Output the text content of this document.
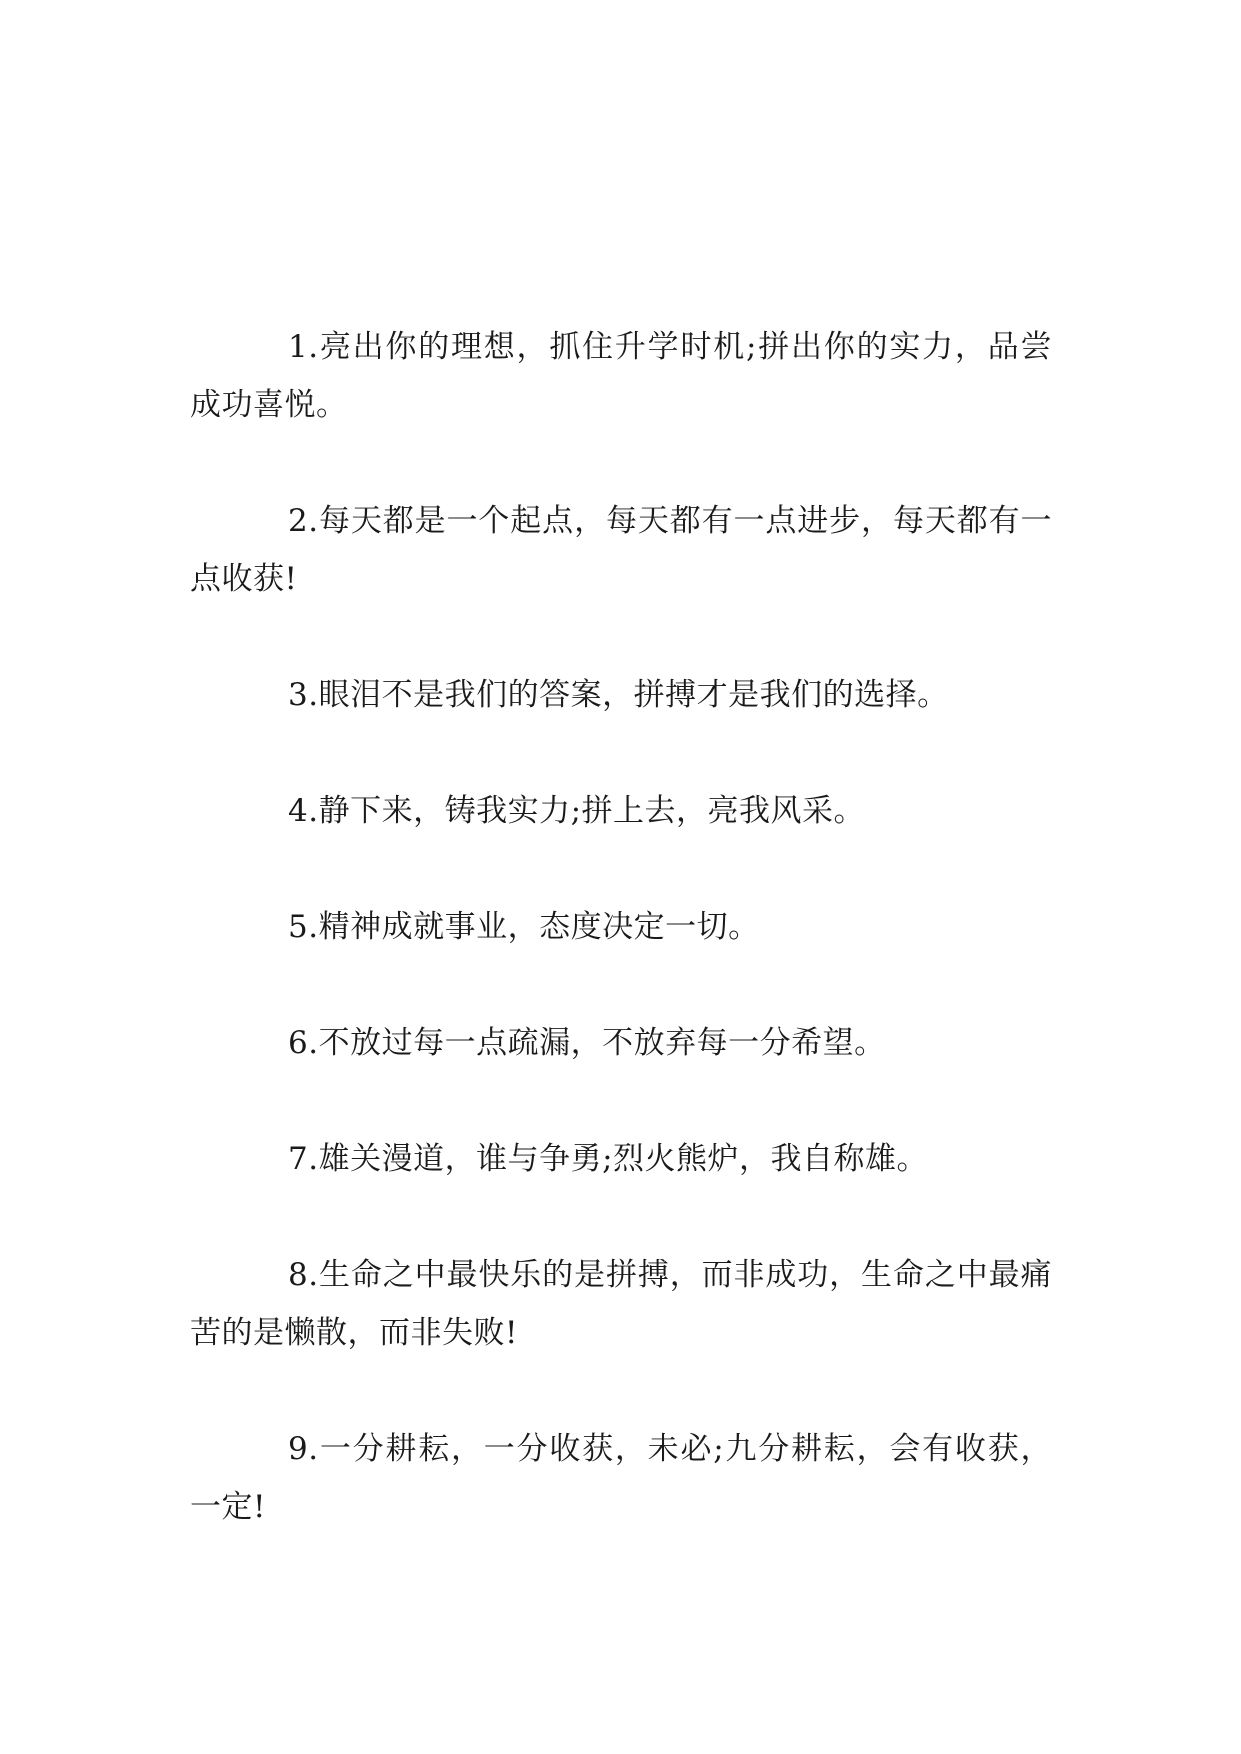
1.亮出你的理想，抓住升学时机;拼出你的实力，品尝成功喜悦。

2.每天都是一个起点，每天都有一点进步，每天都有一点收获!

3.眼泪不是我们的答案，拼搏才是我们的选择。

4.静下来，铸我实力;拼上去，亮我风采。

5.精神成就事业，态度决定一切。

6.不放过每一点疏漏，不放弃每一分希望。

7.雄关漫道，谁与争勇;烈火熊炉，我自称雄。

8.生命之中最快乐的是拼搏，而非成功，生命之中最痛苦的是懒散，而非失败!

9.一分耕耘，一分收获，未必;九分耕耘，会有收获，一定!
